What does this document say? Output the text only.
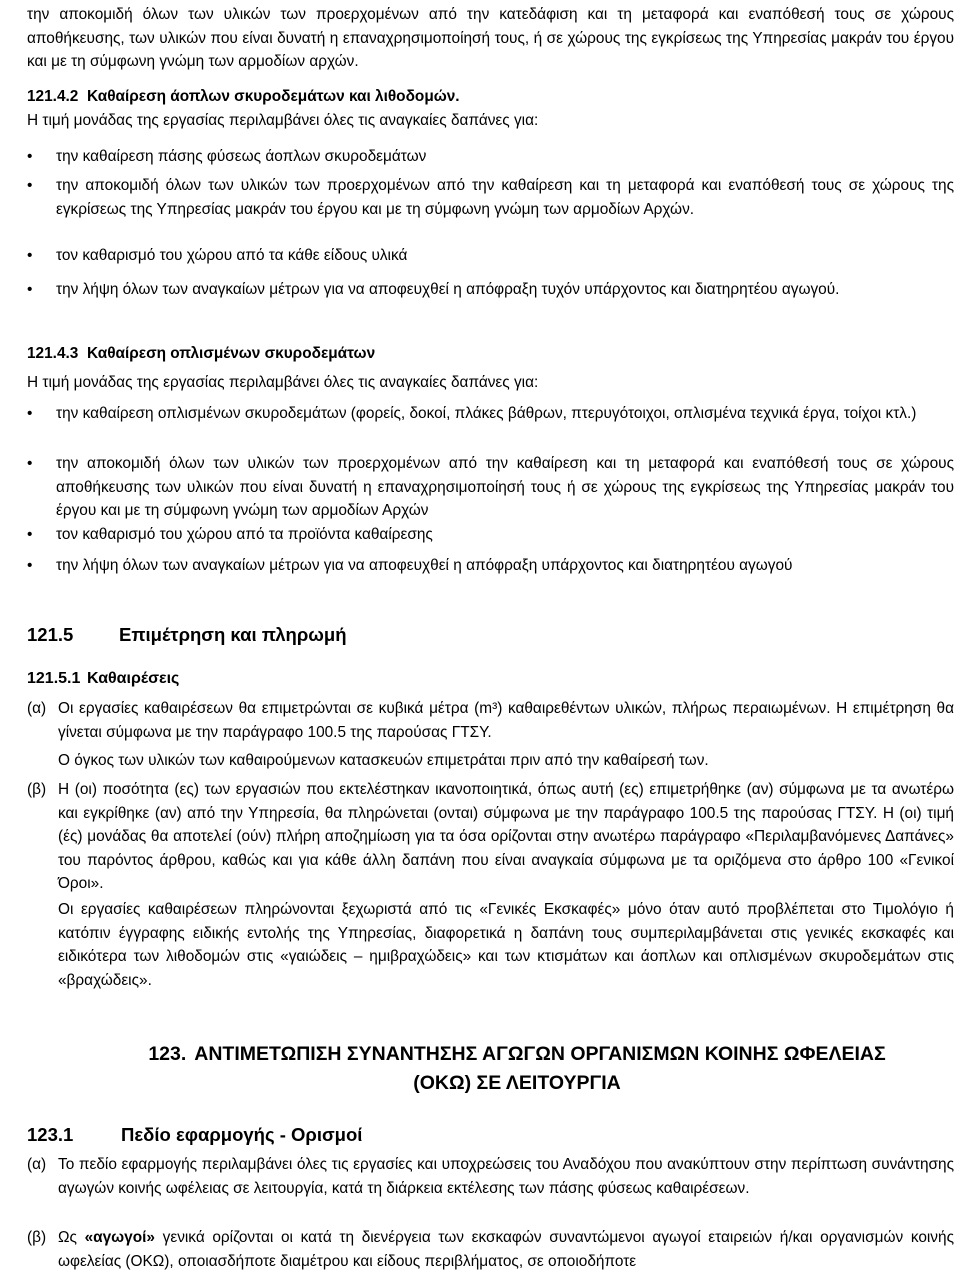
την αποκομιδή όλων των υλικών των προερχομένων από την κατεδάφιση και τη μεταφορά και εναπόθεσή τους σε χώρους αποθήκευσης, των υλικών που είναι δυνατή η επαναχρησιμοποίησή τους, ή σε χώρους της εγκρίσεως της Υπηρεσίας μακράν του έργου και με τη σύμφωνη γνώμη των αρμοδίων αρχών.
121.4.2 Καθαίρεση άοπλων σκυροδεμάτων και λιθοδομών.
Η τιμή μονάδας της εργασίας περιλαμβάνει όλες τις αναγκαίες δαπάνες για:
• την καθαίρεση πάσης φύσεως άοπλων σκυροδεμάτων
• την αποκομιδή όλων των υλικών των προερχομένων από την καθαίρεση και τη μεταφορά και εναπόθεσή τους σε χώρους της εγκρίσεως της Υπηρεσίας μακράν του έργου και με τη σύμφωνη γνώμη των αρμοδίων Αρχών.
• τον καθαρισμό του χώρου από τα κάθε είδους υλικά
• την λήψη όλων των αναγκαίων μέτρων για να αποφευχθεί η απόφραξη τυχόν υπάρχοντος και διατηρητέου αγωγού.
121.4.3 Καθαίρεση οπλισμένων σκυροδεμάτων
Η τιμή μονάδας της εργασίας περιλαμβάνει όλες τις αναγκαίες δαπάνες για:
• την καθαίρεση οπλισμένων σκυροδεμάτων (φορείς, δοκοί, πλάκες βάθρων, πτερυγότοιχοι, οπλισμένα τεχνικά έργα, τοίχοι κτλ.)
• την αποκομιδή όλων των υλικών των προερχομένων από την καθαίρεση και τη μεταφορά και εναπόθεσή τους σε χώρους αποθήκευσης των υλικών που είναι δυνατή η επαναχρησιμοποίησή τους ή σε χώρους της εγκρίσεως της Υπηρεσίας μακράν του έργου και με τη σύμφωνη γνώμη των αρμοδίων Αρχών
• τον καθαρισμό του χώρου από τα προϊόντα καθαίρεσης
• την λήψη όλων των αναγκαίων μέτρων για να αποφευχθεί η απόφραξη υπάρχοντος και διατηρητέου αγωγού
121.5 Επιμέτρηση και πληρωμή
121.5.1 Καθαιρέσεις
(α) Οι εργασίες καθαιρέσεων θα επιμετρώνται σε κυβικά μέτρα (m³) καθαιρεθέντων υλικών, πλήρως περαιωμένων. Η επιμέτρηση θα γίνεται σύμφωνα με την παράγραφο 100.5 της παρούσας ΓΤΣΥ.
Ο όγκος των υλικών των καθαιρούμενων κατασκευών επιμετράται πριν από την καθαίρεσή των.
(β) Η (οι) ποσότητα (ες) των εργασιών που εκτελέστηκαν ικανοποιητικά, όπως αυτή (ες) επιμετρήθηκε (αν) σύμφωνα με τα ανωτέρω και εγκρίθηκε (αν) από την Υπηρεσία, θα πληρώνεται (ονται) σύμφωνα με την παράγραφο 100.5 της παρούσας ΓΤΣΥ. Η (οι) τιμή (ές) μονάδας θα αποτελεί (ούν) πλήρη αποζημίωση για τα όσα ορίζονται στην ανωτέρω παράγραφο «Περιλαμβανόμενες Δαπάνες» του παρόντος άρθρου, καθώς και για κάθε άλλη δαπάνη που είναι αναγκαία σύμφωνα με τα οριζόμενα στο άρθρο 100 «Γενικοί Όροι».
Οι εργασίες καθαιρέσεων πληρώνονται ξεχωριστά από τις «Γενικές Εκσκαφές» μόνο όταν αυτό προβλέπεται στο Τιμολόγιο ή κατόπιν έγγραφης ειδικής εντολής της Υπηρεσίας, διαφορετικά η δαπάνη τους συμπεριλαμβάνεται στις γενικές εκσκαφές και ειδικότερα των λιθοδομών στις «γαιώδεις – ημιβραχώδεις» και των κτισμάτων και άοπλων και οπλισμένων σκυροδεμάτων στις «βραχώδεις».
123. ΑΝΤΙΜΕΤΩΠΙΣΗ ΣΥΝΑΝΤΗΣΗΣ ΑΓΩΓΩΝ ΟΡΓΑΝΙΣΜΩΝ ΚΟΙΝΗΣ ΩΦΕΛΕΙΑΣ
(ΟΚΩ) ΣΕ ΛΕΙΤΟΥΡΓΙΑ
123.1	Πεδίο εφαρμογής - Ορισμοί
(α) Το πεδίο εφαρμογής περιλαμβάνει όλες τις εργασίες και υποχρεώσεις του Αναδόχου που ανακύπτουν στην περίπτωση συνάντησης αγωγών κοινής ωφέλειας σε λειτουργία, κατά τη διάρκεια εκτέλεσης των πάσης φύσεως καθαιρέσεων.
(β) Ως «αγωγοί» γενικά ορίζονται οι κατά τη διενέργεια των εκσκαφών συναντώμενοι αγωγοί εταιρειών ή/και οργανισμών κοινής ωφελείας (ΟΚΩ), οποιασδήποτε διαμέτρου και είδους περιβλήματος, σε οποιοδήποτε
